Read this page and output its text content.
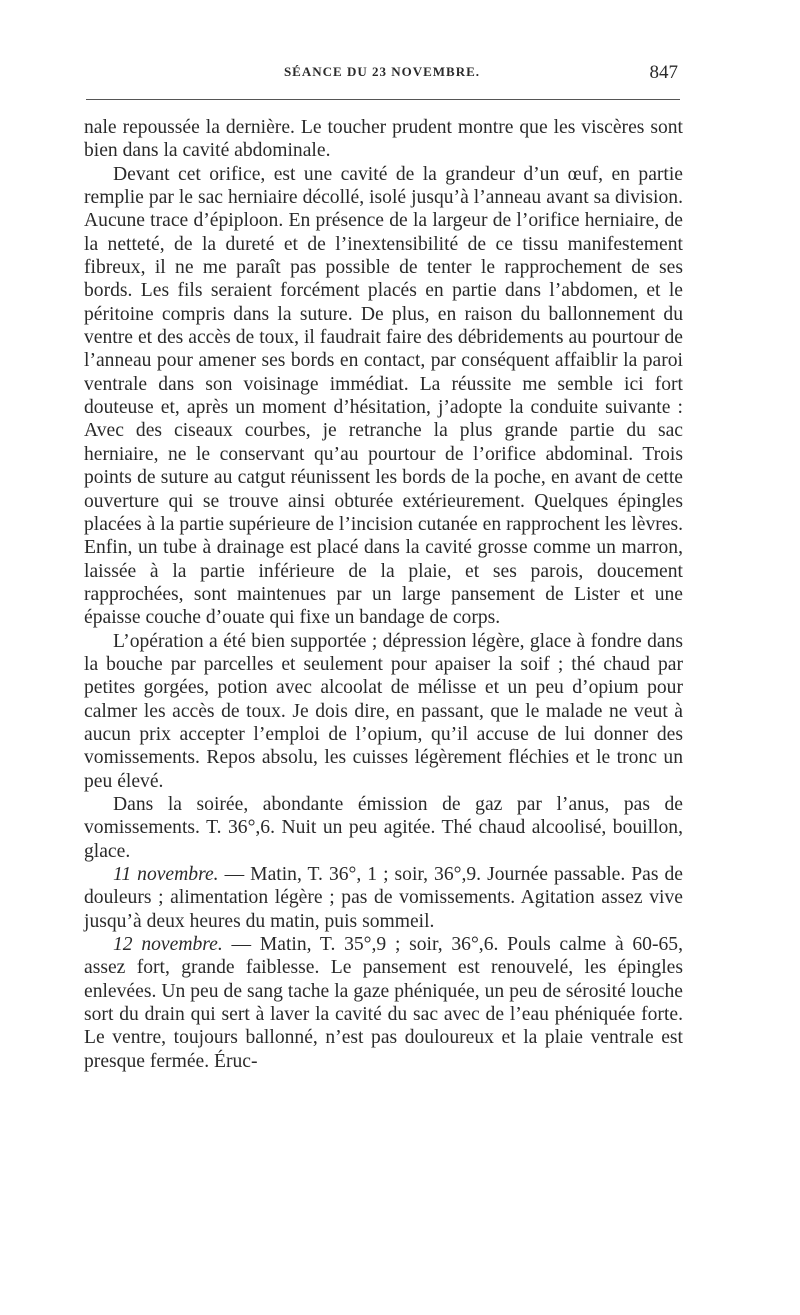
SÉANCE DU 23 NOVEMBRE.	847

nale repoussée la dernière. Le toucher prudent montre que les viscères sont bien dans la cavité abdominale.

Devant cet orifice, est une cavité de la grandeur d’un œuf, en partie remplie par le sac herniaire décollé, isolé jusqu’à l’anneau avant sa division. Aucune trace d’épiploon. En présence de la largeur de l’orifice herniaire, de la netteté, de la dureté et de l’inextensibilité de ce tissu manifestement fibreux, il ne me paraît pas possible de tenter le rapprochement de ses bords. Les fils seraient forcément placés en partie dans l’abdomen, et le péritoine compris dans la suture. De plus, en raison du ballonnement du ventre et des accès de toux, il faudrait faire des débridements au pourtour de l’anneau pour amener ses bords en contact, par conséquent affaiblir la paroi ventrale dans son voisinage immédiat. La réussite me semble ici fort douteuse et, après un moment d’hésitation, j’adopte la conduite suivante : Avec des ciseaux courbes, je retranche la plus grande partie du sac herniaire, ne le conservant qu’au pourtour de l’orifice abdominal. Trois points de suture au catgut réunissent les bords de la poche, en avant de cette ouverture qui se trouve ainsi obturée extérieurement. Quelques épingles placées à la partie supérieure de l’incision cutanée en rapprochent les lèvres. Enfin, un tube à drainage est placé dans la cavité grosse comme un marron, laissée à la partie inférieure de la plaie, et ses parois, doucement rapprochées, sont maintenues par un large pansement de Lister et une épaisse couche d’ouate qui fixe un bandage de corps.

L’opération a été bien supportée ; dépression légère, glace à fondre dans la bouche par parcelles et seulement pour apaiser la soif ; thé chaud par petites gorgées, potion avec alcoolat de mélisse et un peu d’opium pour calmer les accès de toux. Je dois dire, en passant, que le malade ne veut à aucun prix accepter l’emploi de l’opium, qu’il accuse de lui donner des vomissements. Repos absolu, les cuisses légèrement fléchies et le tronc un peu élevé.

Dans la soirée, abondante émission de gaz par l’anus, pas de vomissements. T. 36°,6. Nuit un peu agitée. Thé chaud alcoolisé, bouillon, glace.

11 novembre. — Matin, T. 36°, 1 ; soir, 36°,9. Journée passable. Pas de douleurs ; alimentation légère ; pas de vomissements. Agitation assez vive jusqu’à deux heures du matin, puis sommeil.

12 novembre. — Matin, T. 35°,9 ; soir, 36°,6. Pouls calme à 60-65, assez fort, grande faiblesse. Le pansement est renouvelé, les épingles enlevées. Un peu de sang tache la gaze phéniquée, un peu de sérosité louche sort du drain qui sert à laver la cavité du sac avec de l’eau phéniquée forte. Le ventre, toujours ballonné, n’est pas douloureux et la plaie ventrale est presque fermée. Éruc-
